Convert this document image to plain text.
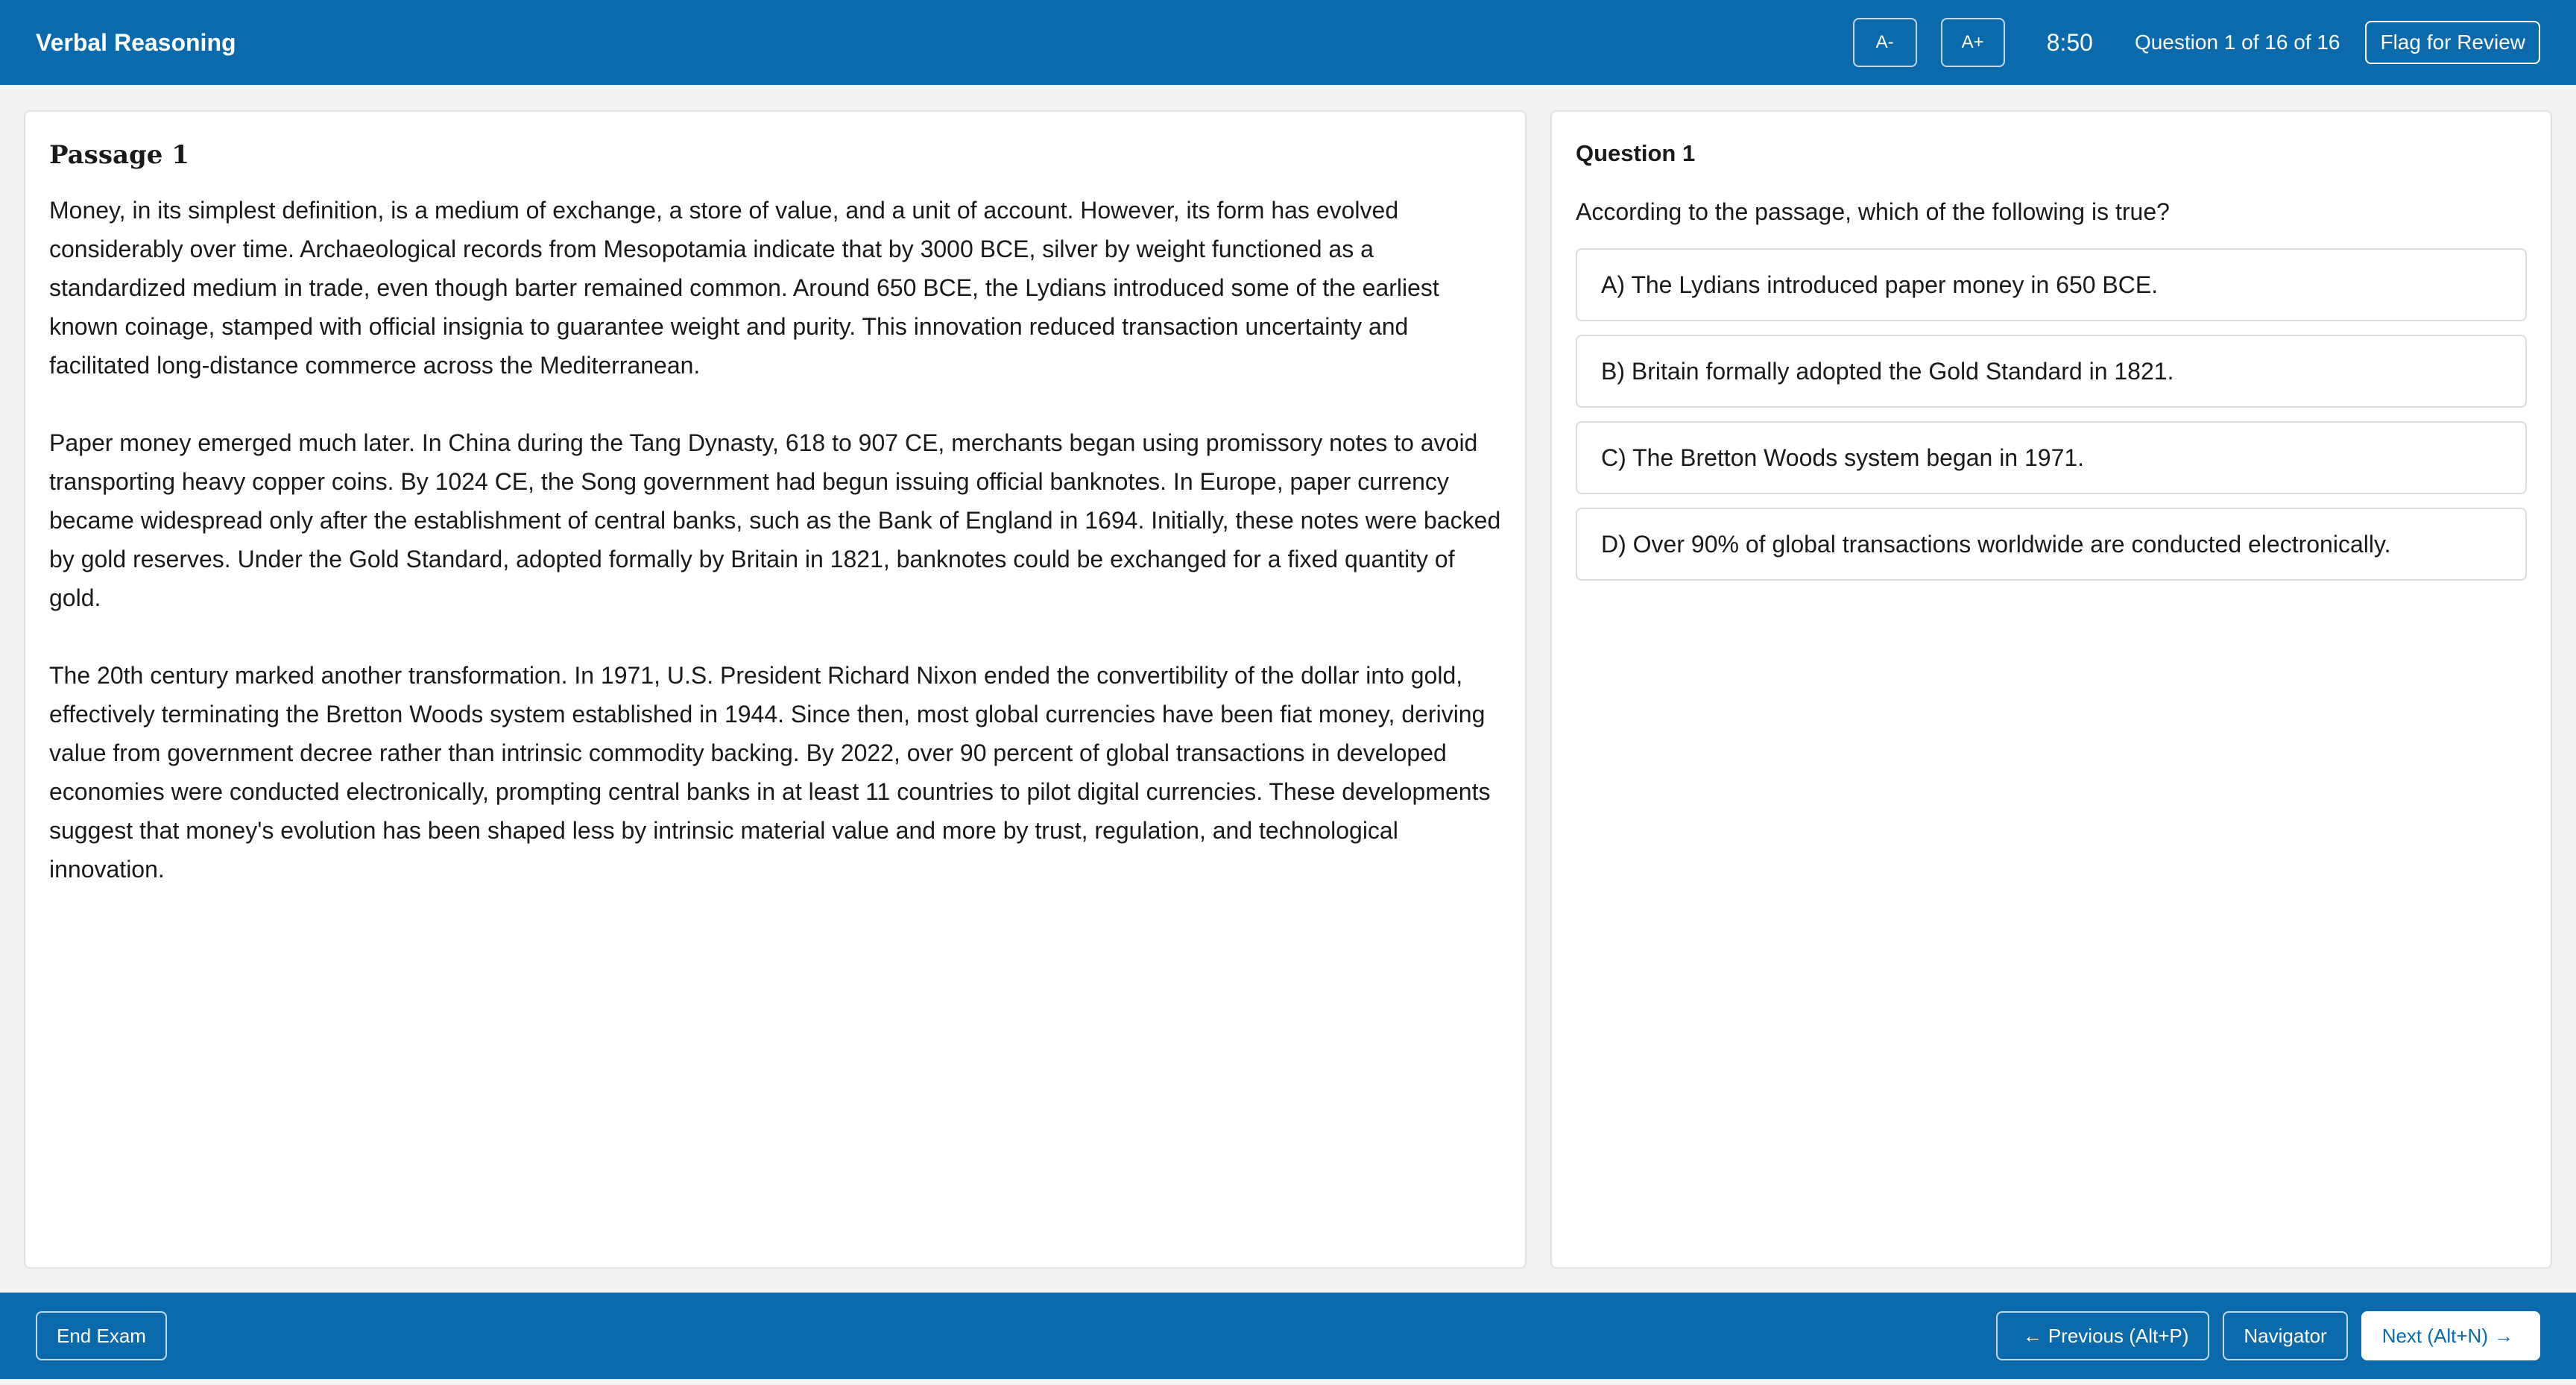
Verbal Reasoning	A-	A+	8:50 Question 1 of 16 of 16	Flag for Review
Passage 1

Money, in its simplest definition, is a medium of exchange, a store of value, and a unit of account. However, its form has evolved considerably over time. Archaeological records from Mesopotamia indicate that by 3000 BCE, silver by weight functioned as a standardized medium in trade, even though barter remained common. Around 650 BCE, the Lydians introduced some of the earliest known coinage, stamped with official insignia to guarantee weight and purity. This innovation reduced transaction uncertainty and facilitated long-distance commerce across the Mediterranean.

Paper money emerged much later. In China during the Tang Dynasty, 618 to 907 CE, merchants began using promissory notes to avoid transporting heavy copper coins. By 1024 CE, the Song government had begun issuing official banknotes. In Europe, paper currency became widespread only after the establishment of central banks, such as the Bank of England in 1694. Initially, these notes were backed by gold reserves. Under the Gold Standard, adopted formally by Britain in 1821, banknotes could be exchanged for a fixed quantity of gold.

The 20th century marked another transformation. In 1971, U.S. President Richard Nixon ended the convertibility of the dollar into gold, effectively terminating the Bretton Woods system established in 1944. Since then, most global currencies have been fiat money, deriving value from government decree rather than intrinsic commodity backing. By 2022, over 90 percent of global transactions in developed economies were conducted electronically, prompting central banks in at least 11 countries to pilot digital currencies. These developments suggest that money's evolution has been shaped less by intrinsic material value and more by trust, regulation, and technological innovation.

Question 1
According to the passage, which of the following is true?
A) The Lydians introduced paper money in 650 BCE.
B) Britain formally adopted the Gold Standard in 1821.
C) The Bretton Woods system began in 1971.
D) Over 90% of global transactions worldwide are conducted electronically.
End Exam	← Previous (Alt+P)	Navigator	Next (Alt+N) →
